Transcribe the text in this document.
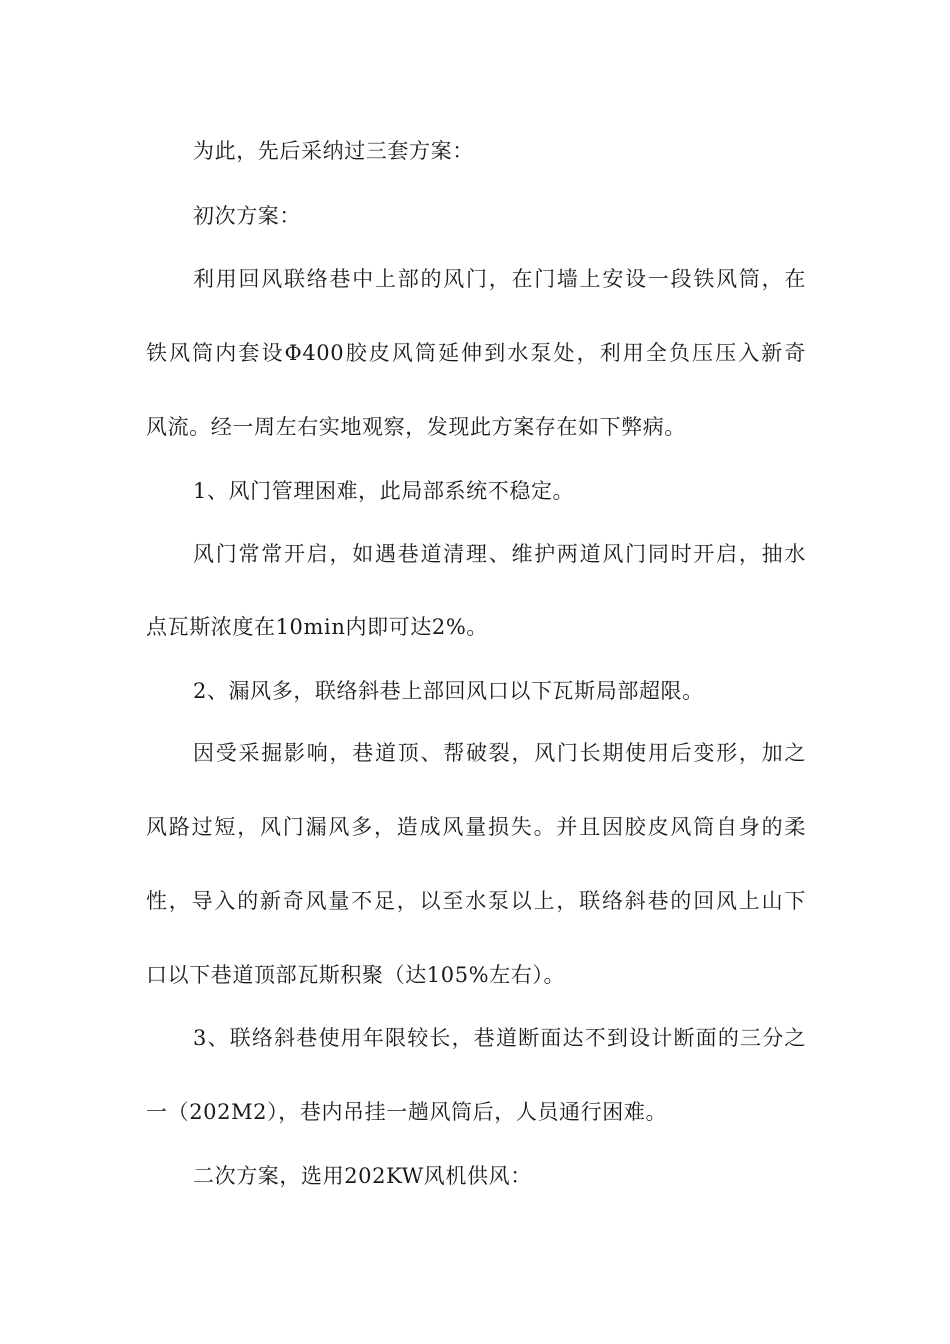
为此，先后采纳过三套方案：
初次方案：
利用回风联络巷中上部的风门，在门墙上安设一段铁风筒，在
铁风筒内套设Φ400胶皮风筒延伸到水泵处，利用全负压压入新奇
风流。经一周左右实地观察，发现此方案存在如下弊病。
1、风门管理困难，此局部系统不稳定。
风门常常开启，如遇巷道清理、维护两道风门同时开启，抽水
点瓦斯浓度在10min内即可达2%。
2、漏风多，联络斜巷上部回风口以下瓦斯局部超限。
因受采掘影响，巷道顶、帮破裂，风门长期使用后变形，加之
风路过短，风门漏风多，造成风量损失。并且因胶皮风筒自身的柔
性，导入的新奇风量不足，以至水泵以上，联络斜巷的回风上山下
口以下巷道顶部瓦斯积聚（达105%左右）。
3、联络斜巷使用年限较长，巷道断面达不到设计断面的三分之
一（202M2），巷内吊挂一趟风筒后，人员通行困难。
二次方案，选用202KW风机供风：
